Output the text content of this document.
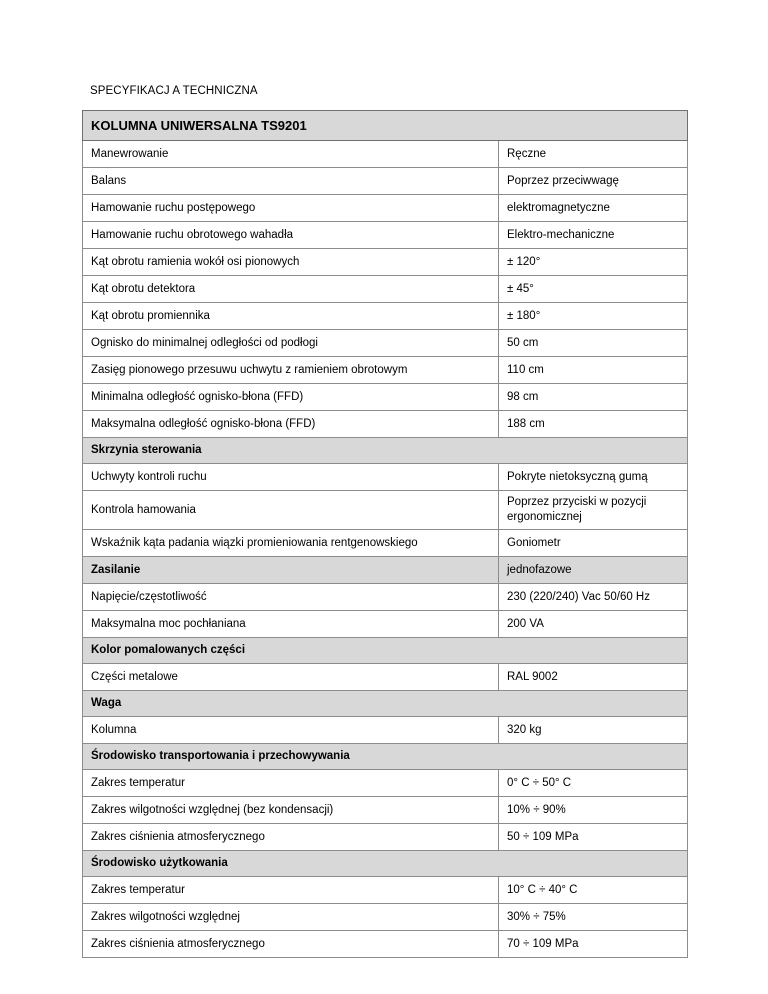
SPECYFIKACJ A TECHNICZNA
KOLUMNA UNIWERSALNA TS9201	
Manewrowanie	Ręczne
Balans	Poprzez przeciwwagę
Hamowanie ruchu postępowego	elektromagnetyczne
Hamowanie ruchu obrotowego wahadła	Elektro-mechaniczne
Kąt obrotu ramienia wokół osi pionowych	± 120°
Kąt obrotu detektora	± 45°
Kąt obrotu promiennika	± 180°
Ognisko do minimalnej odległości od podłogi	50 cm
Zasięg pionowego przesuwu uchwytu z ramieniem obrotowym	110 cm
Minimalna odległość ognisko-błona (FFD)	98 cm
Maksymalna odległość ognisko-błona (FFD)	188 cm
Skrzynia sterowania	
Uchwyty kontroli ruchu	Pokryte nietoksyczną gumą
Kontrola hamowania	Poprzez przyciski w pozycji ergonomicznej
Wskaźnik kąta padania wiązki promieniowania rentgenowskiego	Goniometr
Zasilanie	jednofazowe
Napięcie/częstotliwość	230 (220/240) Vac 50/60 Hz
Maksymalna moc pochłaniana	200 VA
Kolor pomalowanych części	
Części metalowe	RAL 9002
Waga	
Kolumna	320 kg
Środowisko transportowania i przechowywania	
Zakres temperatur	0° C ÷ 50° C
Zakres wilgotności względnej (bez kondensacji)	10% ÷ 90%
Zakres ciśnienia atmosferycznego	50 ÷ 109 MPa
Środowisko użytkowania	
Zakres temperatur	10° C ÷ 40° C
Zakres wilgotności względnej	30% ÷ 75%
Zakres ciśnienia atmosferycznego	70 ÷ 109 MPa
